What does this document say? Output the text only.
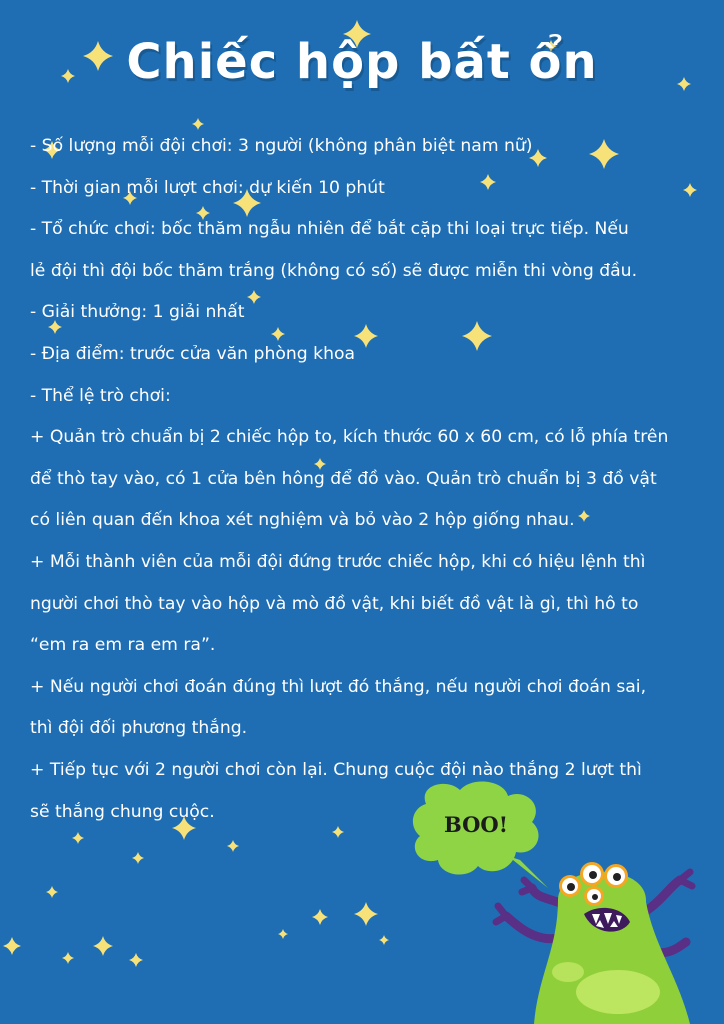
Chiếc hộp bất ổn
- Số lượng mỗi đội chơi: 3 người (không phân biệt nam nữ)
- Thời gian mỗi lượt chơi: dự kiến 10 phút
- Tổ chức chơi: bốc thăm ngẫu nhiên để bắt cặp thi loại trực tiếp. Nếu
lẻ đội thì đội bốc thăm trắng (không có số) sẽ được miễn thi vòng đầu.
- Giải thưởng: 1 giải nhất
- Địa điểm: trước cửa văn phòng khoa
- Thể lệ trò chơi:
+ Quản trò chuẩn bị 2 chiếc hộp to, kích thước 60 x 60 cm, có lỗ phía trên
để thò tay vào, có 1 cửa bên hông để đồ vào. Quản trò chuẩn bị 3 đồ vật
có liên quan đến khoa xét nghiệm và bỏ vào 2 hộp giống nhau.
+ Mỗi thành viên của mỗi đội đứng trước chiếc hộp, khi có hiệu lệnh thì
người chơi thò tay vào hộp và mò đồ vật, khi biết đồ vật là gì, thì hô to
“em ra em ra em ra”.
+ Nếu người chơi đoán đúng thì lượt đó thắng, nếu người chơi đoán sai,
thì đội đối phương thắng.
+ Tiếp tục với 2 người chơi còn lại. Chung cuộc đội nào thắng 2 lượt thì
sẽ thắng chung cuộc.
BOO!
